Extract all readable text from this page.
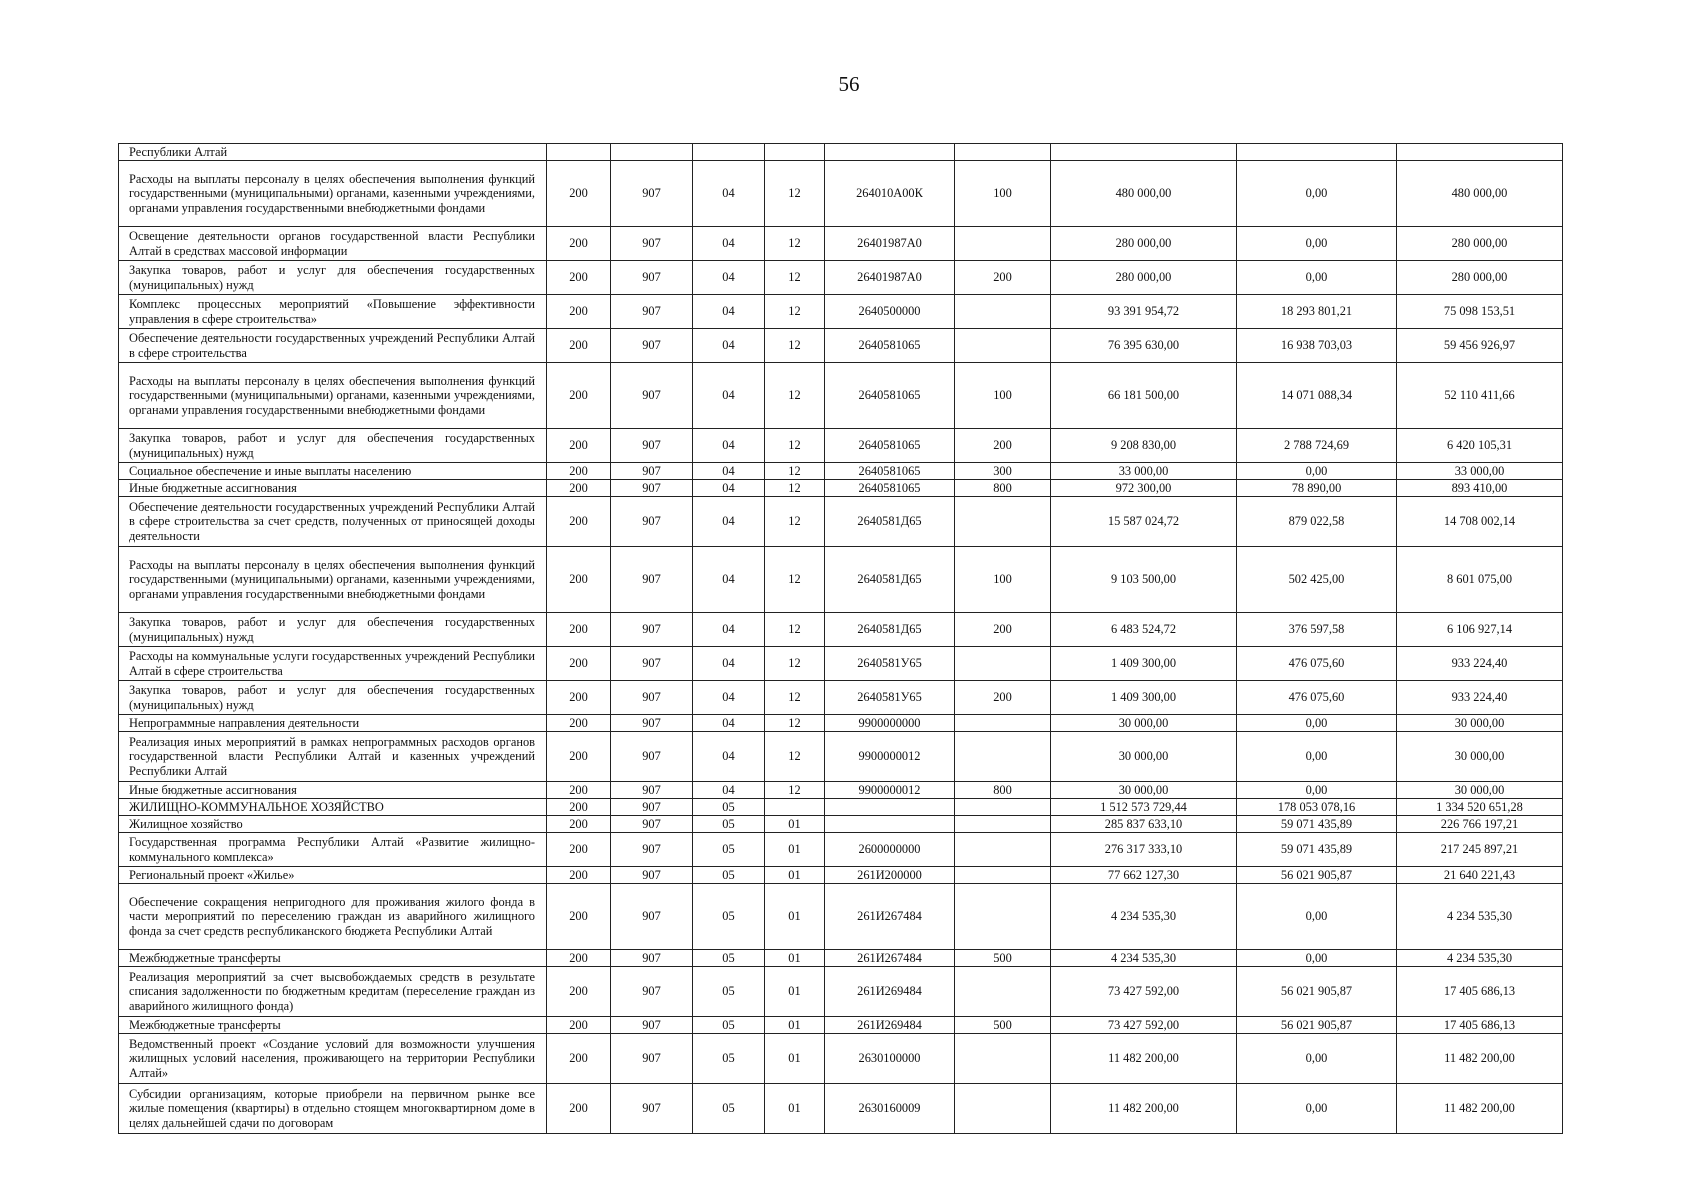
56
Республики Алтай									
Расходы на выплаты персоналу в целях обеспечения выполнения функций государственными (муниципальными) органами, казенными учреждениями, органами управления государственными внебюджетными фондами	200	907	04	12	264010А00К	100	480 000,00	0,00	480 000,00
Освещение деятельности органов государственной власти Республики Алтай в средствах массовой информации	200	907	04	12	26401987А0		280 000,00	0,00	280 000,00
Закупка товаров, работ и услуг для обеспечения государственных (муниципальных) нужд	200	907	04	12	26401987А0	200	280 000,00	0,00	280 000,00
Комплекс процессных мероприятий «Повышение эффективности управления в сфере строительства»	200	907	04	12	2640500000		93 391 954,72	18 293 801,21	75 098 153,51
Обеспечение деятельности государственных учреждений Республики Алтай в сфере строительства	200	907	04	12	2640581065		76 395 630,00	16 938 703,03	59 456 926,97
Расходы на выплаты персоналу в целях обеспечения выполнения функций государственными (муниципальными) органами, казенными учреждениями, органами управления государственными внебюджетными фондами	200	907	04	12	2640581065	100	66 181 500,00	14 071 088,34	52 110 411,66
Закупка товаров, работ и услуг для обеспечения государственных (муниципальных) нужд	200	907	04	12	2640581065	200	9 208 830,00	2 788 724,69	6 420 105,31
Социальное обеспечение и иные выплаты населению	200	907	04	12	2640581065	300	33 000,00	0,00	33 000,00
Иные бюджетные ассигнования	200	907	04	12	2640581065	800	972 300,00	78 890,00	893 410,00
Обеспечение деятельности государственных учреждений Республики Алтай в сфере строительства за счет средств, полученных от приносящей доходы деятельности	200	907	04	12	2640581Д65		15 587 024,72	879 022,58	14 708 002,14
Расходы на выплаты персоналу в целях обеспечения выполнения функций государственными (муниципальными) органами, казенными учреждениями, органами управления государственными внебюджетными фондами	200	907	04	12	2640581Д65	100	9 103 500,00	502 425,00	8 601 075,00
Закупка товаров, работ и услуг для обеспечения государственных (муниципальных) нужд	200	907	04	12	2640581Д65	200	6 483 524,72	376 597,58	6 106 927,14
Расходы на коммунальные услуги государственных учреждений Республики Алтай в сфере строительства	200	907	04	12	2640581У65		1 409 300,00	476 075,60	933 224,40
Закупка товаров, работ и услуг для обеспечения государственных (муниципальных) нужд	200	907	04	12	2640581У65	200	1 409 300,00	476 075,60	933 224,40
Непрограммные направления деятельности	200	907	04	12	9900000000		30 000,00	0,00	30 000,00
Реализация иных мероприятий в рамках непрограммных расходов органов государственной власти Республики Алтай и казенных учреждений Республики Алтай	200	907	04	12	9900000012		30 000,00	0,00	30 000,00
Иные бюджетные ассигнования	200	907	04	12	9900000012	800	30 000,00	0,00	30 000,00
ЖИЛИЩНО-КОММУНАЛЬНОЕ ХОЗЯЙСТВО	200	907	05				1 512 573 729,44	178 053 078,16	1 334 520 651,28
Жилищное хозяйство	200	907	05	01			285 837 633,10	59 071 435,89	226 766 197,21
Государственная программа Республики Алтай «Развитие жилищно-коммунального комплекса»	200	907	05	01	2600000000		276 317 333,10	59 071 435,89	217 245 897,21
Региональный проект «Жилье»	200	907	05	01	261И200000		77 662 127,30	56 021 905,87	21 640 221,43
Обеспечение сокращения непригодного для проживания жилого фонда в части мероприятий по переселению граждан из аварийного жилищного фонда за счет средств республиканского бюджета Республики Алтай	200	907	05	01	261И267484		4 234 535,30	0,00	4 234 535,30
Межбюджетные трансферты	200	907	05	01	261И267484	500	4 234 535,30	0,00	4 234 535,30
Реализация мероприятий за счет высвобождаемых средств в результате списания задолженности по бюджетным кредитам (переселение граждан из аварийного жилищного фонда)	200	907	05	01	261И269484		73 427 592,00	56 021 905,87	17 405 686,13
Межбюджетные трансферты	200	907	05	01	261И269484	500	73 427 592,00	56 021 905,87	17 405 686,13
Ведомственный проект «Создание условий для возможности улучшения жилищных условий населения, проживающего на территории Республики Алтай»	200	907	05	01	2630100000		11 482 200,00	0,00	11 482 200,00
Субсидии организациям, которые приобрели на первичном рынке все жилые помещения (квартиры) в отдельно стоящем многоквартирном доме в целях дальнейшей сдачи по договорам	200	907	05	01	2630160009		11 482 200,00	0,00	11 482 200,00
